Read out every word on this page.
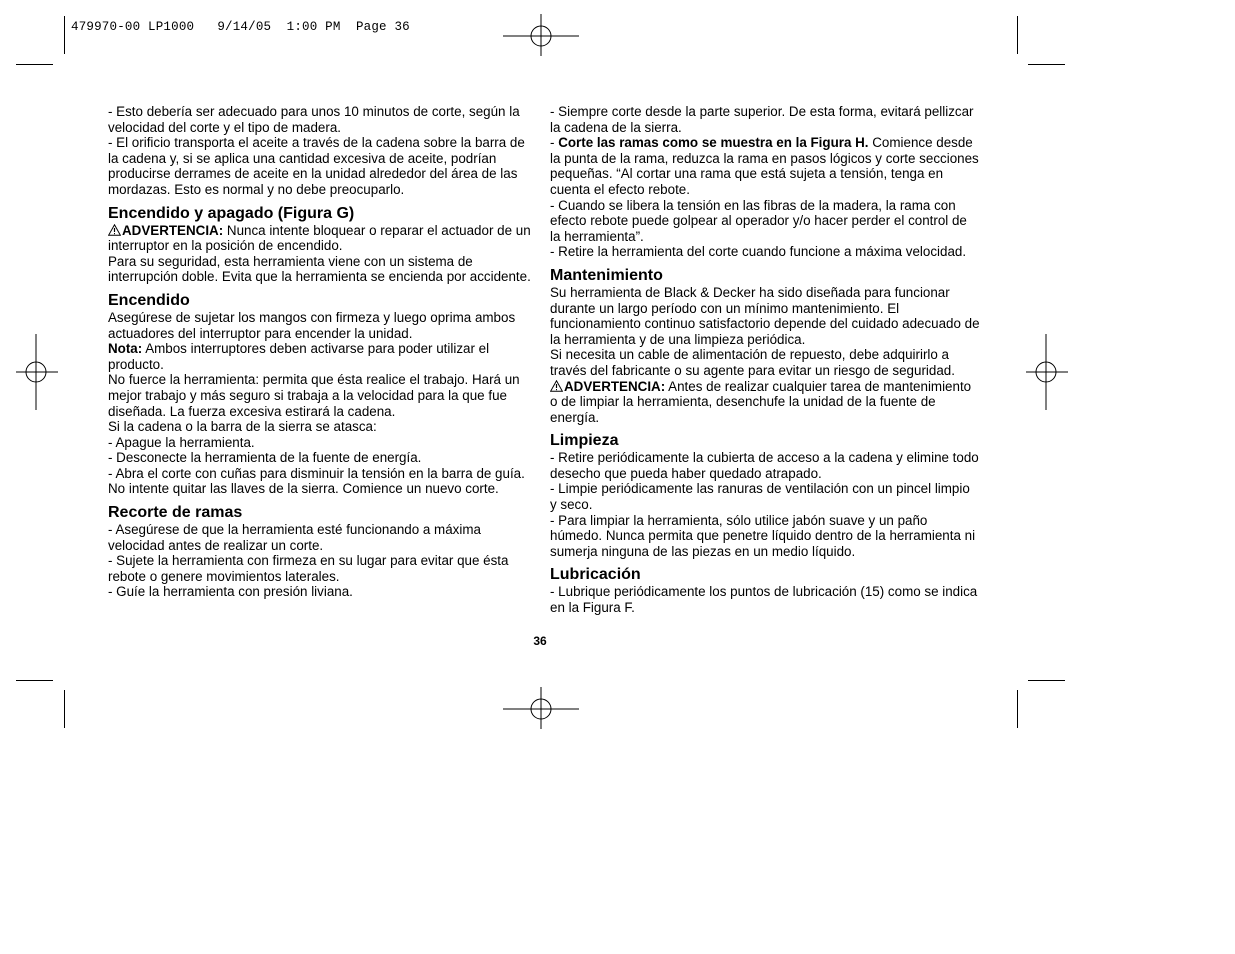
479970-00 LP1000   9/14/05  1:00 PM  Page 36

- Esto debería ser adecuado para unos 10 minutos de corte, según la velocidad del corte y el tipo de madera.

- El orificio transporta el aceite a través de la cadena sobre la barra de la cadena y, si se aplica una cantidad excesiva de aceite, podrían producirse derrames de aceite en la unidad alrededor del área de las mordazas. Esto es normal y no debe preocuparlo.

Encendido y apagado (Figura G)

ADVERTENCIA: Nunca intente bloquear o reparar el actuador de un interruptor en la posición de encendido.

Para su seguridad, esta herramienta viene con un sistema de interrupción doble. Evita que la herramienta se encienda por accidente.

Encendido

Asegúrese de sujetar los mangos con firmeza y luego oprima ambos actuadores del interruptor para encender la unidad.

Nota: Ambos interruptores deben activarse para poder utilizar el producto.

No fuerce la herramienta: permita que ésta realice el trabajo. Hará un mejor trabajo y más seguro si trabaja a la velocidad para la que fue diseñada. La fuerza excesiva estirará la cadena.

Si la cadena o la barra de la sierra se atasca:

- Apague la herramienta.

- Desconecte la herramienta de la fuente de energía.

- Abra el corte con cuñas para disminuir la tensión en la barra de guía. No intente quitar las llaves de la sierra. Comience un nuevo corte.

Recorte de ramas

- Asegúrese de que la herramienta esté funcionando a máxima velocidad antes de realizar un corte.

- Sujete la herramienta con firmeza en su lugar para evitar que ésta rebote o genere movimientos laterales.

- Guíe la herramienta con presión liviana.

- Siempre corte desde la parte superior. De esta forma, evitará pellizcar la cadena de la sierra.

- Corte las ramas como se muestra en la Figura H. Comience desde la punta de la rama, reduzca la rama en pasos lógicos y corte secciones pequeñas. “Al cortar una rama que está sujeta a tensión, tenga en cuenta el efecto rebote.

- Cuando se libera la tensión en las fibras de la madera, la rama con efecto rebote puede golpear al operador y/o hacer perder el control de la herramienta”.

- Retire la herramienta del corte cuando funcione a máxima velocidad.

Mantenimiento

Su herramienta de Black & Decker ha sido diseñada para funcionar durante un largo período con un mínimo mantenimiento. El funcionamiento continuo satisfactorio depende del cuidado adecuado de la herramienta y de una limpieza periódica.

Si necesita un cable de alimentación de repuesto, debe adquirirlo a través del fabricante o su agente para evitar un riesgo de seguridad.

ADVERTENCIA: Antes de realizar cualquier tarea de mantenimiento o de limpiar la herramienta, desenchufe la unidad de la fuente de energía.

Limpieza

- Retire periódicamente la cubierta de acceso a la cadena y elimine todo desecho que pueda haber quedado atrapado.

- Limpie periódicamente las ranuras de ventilación con un pincel limpio y seco.

- Para limpiar la herramienta, sólo utilice jabón suave y un paño húmedo. Nunca permita que penetre líquido dentro de la herramienta ni sumerja ninguna de las piezas en un medio líquido.

Lubricación

- Lubrique periódicamente los puntos de lubricación (15) como se indica en la Figura F.

36
